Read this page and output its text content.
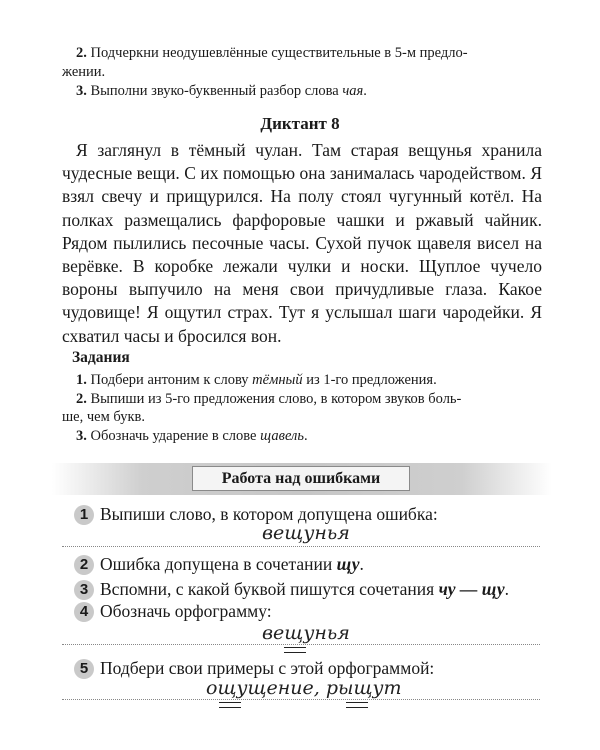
2. Подчеркни неодушевлённые существительные в 5-м предло-
жении.
3. Выполни звуко-буквенный разбор слова чая.
Диктант 8
Я заглянул в тёмный чулан. Там старая вещунья хранила чудесные вещи. С их помощью она занималась чародейством. Я взял свечу и прищурился. На полу стоял чугунный котёл. На полках размещались фарфоровые чашки и ржавый чайник. Рядом пылились песочные часы. Сухой пучок щавеля висел на верёвке. В коробке лежали чулки и носки. Щуплое чучело вороны выпучило на меня свои причудливые глаза. Какое чудовище! Я ощутил страх. Тут я услышал шаги чародейки. Я схватил часы и бросился вон.
Задания
1. Подбери антоним к слову тёмный из 1-го предложения.
2. Выпиши из 5-го предложения слово, в котором звуков боль-
ше, чем букв.
3. Обозначь ударение в слове щавель.
Работа над ошибками
1 Выпиши слово, в котором допущена ошибка:
вещунья
2 Ошибка допущена в сочетании щу.
3 Вспомни, с какой буквой пишутся сочетания чу — щу.
4 Обозначь орфограмму:
вещунья
5 Подбери свои примеры с этой орфограммой:
ощущение, рыщут
